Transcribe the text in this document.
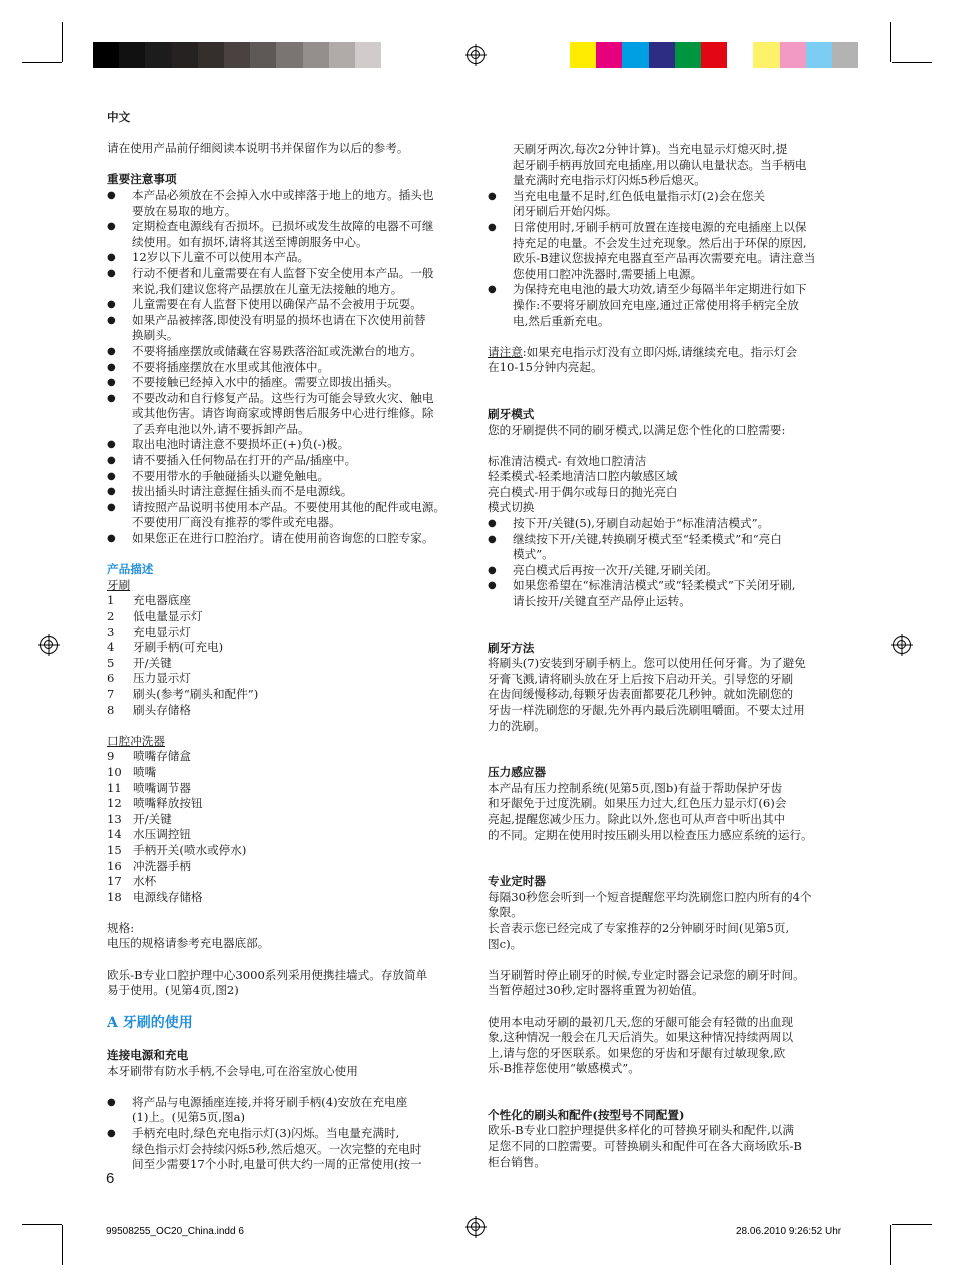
中文

请在使用产品前仔细阅读本说明书并保留作为以后的参考。

重要注意事项

●	本产品必须放在不会掉入水中或摔落于地上的地方。插头也
要放在易取的地方。
●	定期检查电源线有否损坏。已损坏或发生故障的电器不可继
续使用。如有损坏,请将其送至博朗服务中心。
●	12岁以下儿童不可以使用本产品。
●	行动不便者和儿童需要在有人监督下安全使用本产品。一般
来说,我们建议您将产品摆放在儿童无法接触的地方。
●	儿童需要在有人监督下使用以确保产品不会被用于玩耍。
●	如果产品被摔落,即使没有明显的损坏也请在下次使用前替
换刷头。
●	不要将插座摆放或储藏在容易跌落浴缸或洗漱台的地方。
●	不要将插座摆放在水里或其他液体中。
●	不要接触已经掉入水中的插座。需要立即拔出插头。
●	不要改动和自行修复产品。这些行为可能会导致火灾、触电
或其他伤害。请咨询商家或博朗售后服务中心进行维修。除
了丢弃电池以外,请不要拆卸产品。
●	取出电池时请注意不要损坏正(+)负(-)极。
●	请不要插入任何物品在打开的产品/插座中。
●	不要用带水的手触碰插头以避免触电。
●	拔出插头时请注意握住插头而不是电源线。
●	请按照产品说明书使用本产品。不要使用其他的配件或电源。
不要使用厂商没有推荐的零件或充电器。
●	如果您正在进行口腔治疗。请在使用前咨询您的口腔专家。

产品描述

牙刷

1	充电器底座
2	低电量显示灯
3	充电显示灯
4	牙刷手柄(可充电)
5	开/关键
6	压力显示灯
7	刷头(参考“刷头和配件”)
8	刷头存储格

口腔冲洗器

9	喷嘴存储盒
10 喷嘴
11 喷嘴调节器
12 喷嘴释放按钮
13 开/关键
14 水压调控钮
15 手柄开关(喷水或停水)
16 冲洗器手柄
17 水杯
18 电源线存储格

规格:

电压的规格请参考充电器底部。

欧乐-B专业口腔护理中心3000系列采用便携挂墙式。存放简单

易于使用。(见第4页,图2)

A 牙刷的使用

连接电源和充电

本牙刷带有防水手柄,不会导电,可在浴室放心使用

●	将产品与电源插座连接,并将牙刷手柄(4)安放在充电座
(1)上。(见第5页,图a)
●	手柄充电时,绿色充电指示灯(3)闪烁。当电量充满时,
绿色指示灯会持续闪烁5秒,然后熄灭。一次完整的充电时
间至少需要17个小时,电量可供大约一周的正常使用(按一

天刷牙两次,每次2分钟计算)。当充电显示灯熄灭时,提

起牙刷手柄再放回充电插座,用以确认电量状态。当手柄电

量充满时充电指示灯闪烁5秒后熄灭。

●	当充电电量不足时,红色低电量指示灯(2)会在您关
闭牙刷后开始闪烁。
●	日常使用时,牙刷手柄可放置在连接电源的充电插座上以保
持充足的电量。不会发生过充现象。然后出于环保的原因,
欧乐-B建议您拔掉充电器直至产品再次需要充电。请注意当
您使用口腔冲洗器时,需要插上电源。
●	为保持充电电池的最大功效,请至少每隔半年定期进行如下
操作:不要将牙刷放回充电座,通过正常使用将手柄完全放
电,然后重新充电。

请注意:如果充电指示灯没有立即闪烁,请继续充电。指示灯会

在10-15分钟内亮起。

刷牙模式

您的牙刷提供不同的刷牙模式,以满足您个性化的口腔需要:

标准清洁模式- 有效地口腔清洁

轻柔模式-轻柔地清洁口腔内敏感区域

亮白模式-用于偶尔或每日的抛光亮白

模式切换

●	按下开/关键(5),牙刷自动起始于“标准清洁模式”。
●	继续按下开/关键,转换刷牙模式至“轻柔模式”和“亮白
模式”。
●	亮白模式后再按一次开/关键,牙刷关闭。
●	如果您希望在“标准清洁模式”或“轻柔模式”下关闭牙刷,
请长按开/关键直至产品停止运转。

刷牙方法

将刷头(7)安装到牙刷手柄上。您可以使用任何牙膏。为了避免

牙膏飞溅,请将刷头放在牙上后按下启动开关。引导您的牙刷

在齿间缓慢移动,每颗牙齿表面都要花几秒钟。就如洗刷您的

牙齿一样洗刷您的牙龈,先外再内最后洗刷咀嚼面。不要太过用

力的洗刷。

压力感应器

本产品有压力控制系统(见第5页,图b)有益于帮助保护牙齿

和牙龈免于过度洗刷。如果压力过大,红色压力显示灯(6)会

亮起,提醒您减少压力。除此以外,您也可从声音中听出其中

的不同。定期在使用时按压刷头用以检查压力感应系统的运行。

专业定时器

每隔30秒您会听到一个短音提醒您平均洗刷您口腔内所有的4个

象限。

长音表示您已经完成了专家推荐的2分钟刷牙时间(见第5页,

图c)。

当牙刷暂时停止刷牙的时候,专业定时器会记录您的刷牙时间。

当暂停超过30秒,定时器将重置为初始值。

使用本电动牙刷的最初几天,您的牙龈可能会有轻微的出血现

象,这种情况一般会在几天后消失。如果这种情况持续两周以

上,请与您的牙医联系。如果您的牙齿和牙龈有过敏现象,欧

乐-B推荐您使用“敏感模式”。

个性化的刷头和配件(按型号不同配置)

欧乐-B专业口腔护理提供多样化的可替换牙刷头和配件,以满

足您不同的口腔需要。可替换刷头和配件可在各大商场欧乐-B

柜台销售。

6
99508255_OC20_China.indd 6	28.06.2010 9:26:52 Uhr
